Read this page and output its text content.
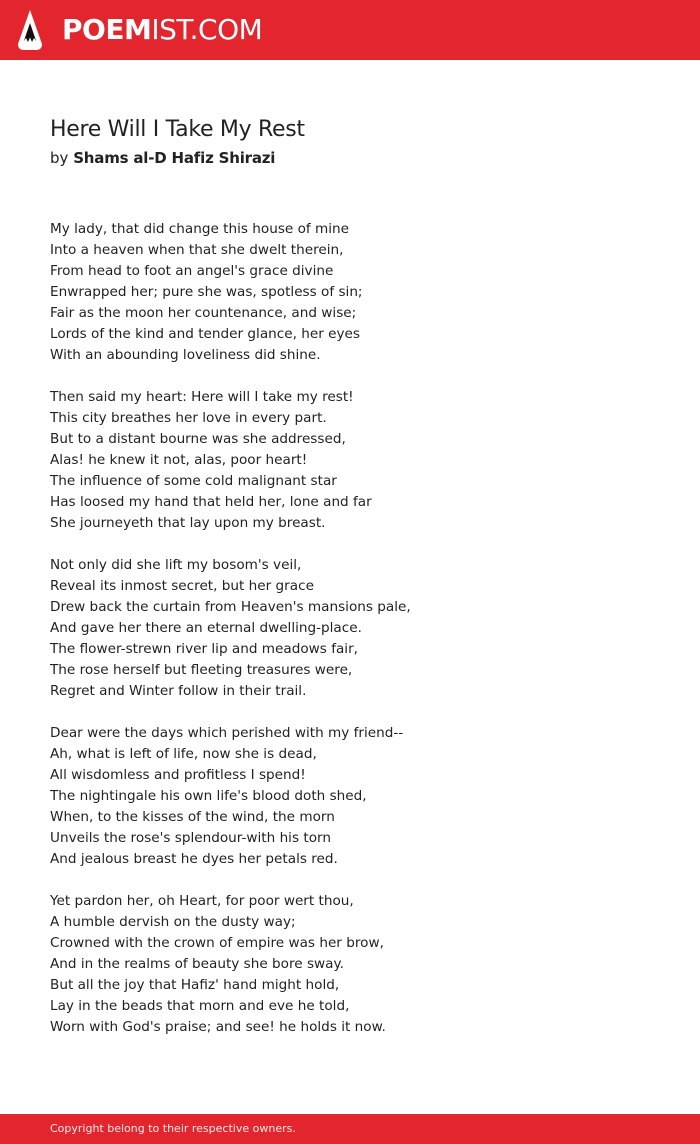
POEMIST.COM
Here Will I Take My Rest
by Shams al-D Hafiz Shirazi
My lady, that did change this house of mine
Into a heaven when that she dwelt therein,
From head to foot an angel's grace divine
Enwrapped her; pure she was, spotless of sin;
Fair as the moon her countenance, and wise;
Lords of the kind and tender glance, her eyes
With an abounding loveliness did shine.
Then said my heart: Here will I take my rest!
This city breathes her love in every part.
But to a distant bourne was she addressed,
Alas! he knew it not, alas, poor heart!
The influence of some cold malignant star
Has loosed my hand that held her, lone and far
She journeyeth that lay upon my breast.
Not only did she lift my bosom's veil,
Reveal its inmost secret, but her grace
Drew back the curtain from Heaven's mansions pale,
And gave her there an eternal dwelling-place.
The flower-strewn river lip and meadows fair,
The rose herself but fleeting treasures were,
Regret and Winter follow in their trail.
Dear were the days which perished with my friend--
Ah, what is left of life, now she is dead,
All wisdomless and profitless I spend!
The nightingale his own life's blood doth shed,
When, to the kisses of the wind, the morn
Unveils the rose's splendour-with his torn
And jealous breast he dyes her petals red.
Yet pardon her, oh Heart, for poor wert thou,
A humble dervish on the dusty way;
Crowned with the crown of empire was her brow,
And in the realms of beauty she bore sway.
But all the joy that Hafiz' hand might hold,
Lay in the beads that morn and eve he told,
Worn with God's praise; and see! he holds it now.
Copyright belong to their respective owners.
